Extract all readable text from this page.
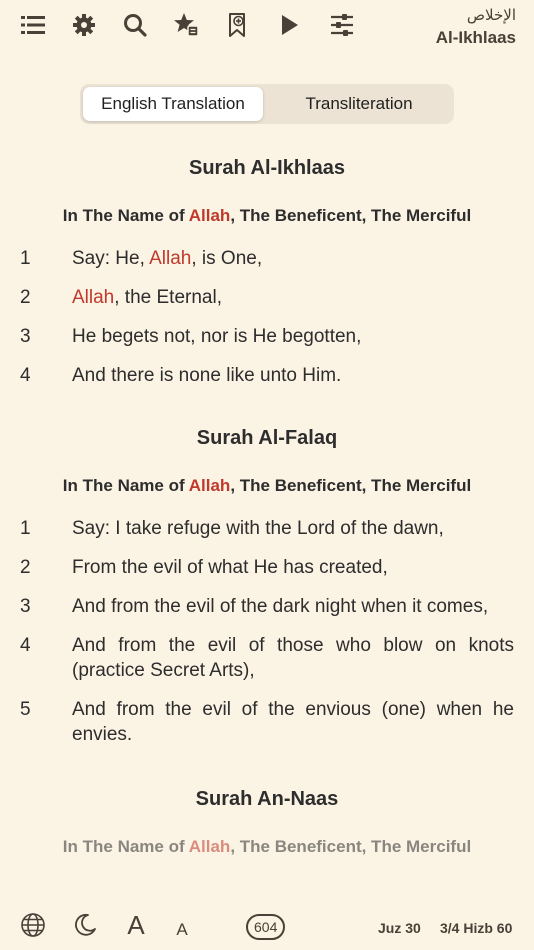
الإخلاص
Al-Ikhlaas
English Translation	Transliteration
Surah Al-Ikhlaas
In The Name of Allah, The Beneficent, The Merciful
1	Say: He, Allah, is One,
2	Allah, the Eternal,
3	He begets not, nor is He begotten,
4	And there is none like unto Him.
Surah Al-Falaq
In The Name of Allah, The Beneficent, The Merciful
1	Say: I take refuge with the Lord of the dawn,
2	From the evil of what He has created,
3	And from the evil of the dark night when it comes,
4	And from the evil of those who blow on knots (practice Secret Arts),
5	And from the evil of the envious (one) when he envies.
Surah An-Naas
In The Name of Allah, The Beneficent, The Merciful
A A	604	Juz 30 3/4 Hizb 60
